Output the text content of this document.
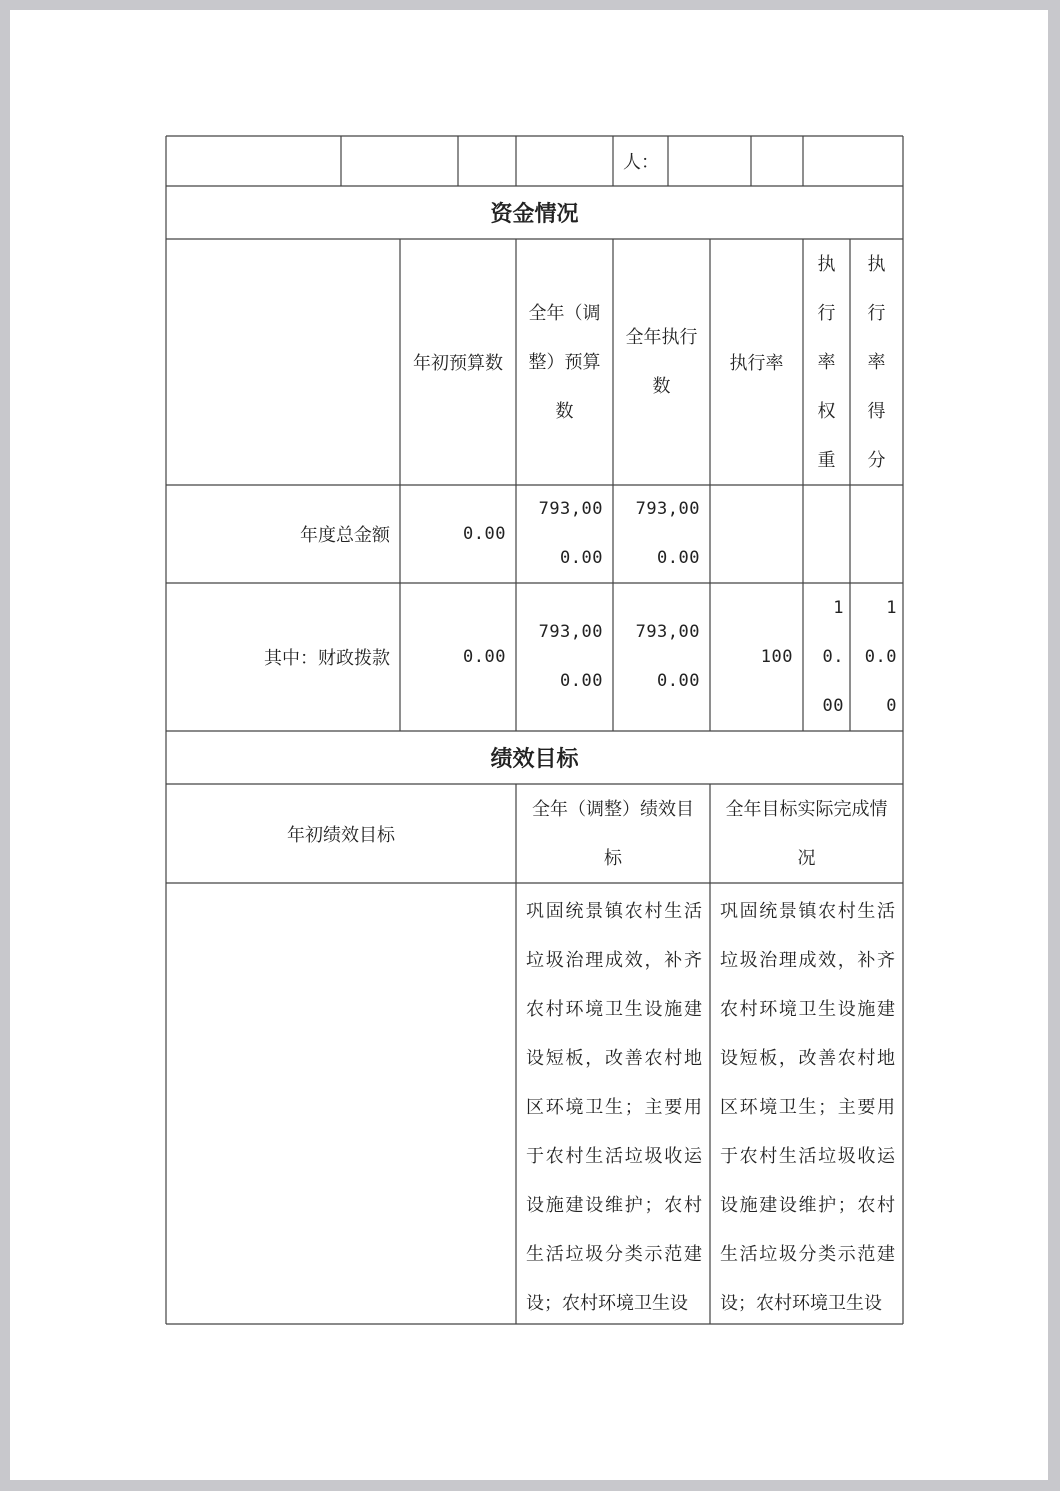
人：
资金情况
年初预算数
全年（调
整）预算
数
全年执行
数
执行率
执
行
率
权
重
执
行
率
得
分
年度总金额	0.00
793,00
0.00
793,00
0.00
其中：财政拨款	0.00
793,00
0.00
793,00
0.00
100
1
0.
00
1
0.0
0
绩效目标
年初绩效目标
全年（调整）绩效目
标
全年目标实际完成情
况
巩固统景镇农村生活垃圾治理成效，补齐农村环境卫生设施建设短板，改善农村地区环境卫生；主要用于农村生活垃圾收运设施建设维护；农村生活垃圾分类示范建设；农村环境卫生设
巩固统景镇农村生活垃圾治理成效，补齐农村环境卫生设施建设短板，改善农村地区环境卫生；主要用于农村生活垃圾收运设施建设维护；农村生活垃圾分类示范建设；农村环境卫生设
